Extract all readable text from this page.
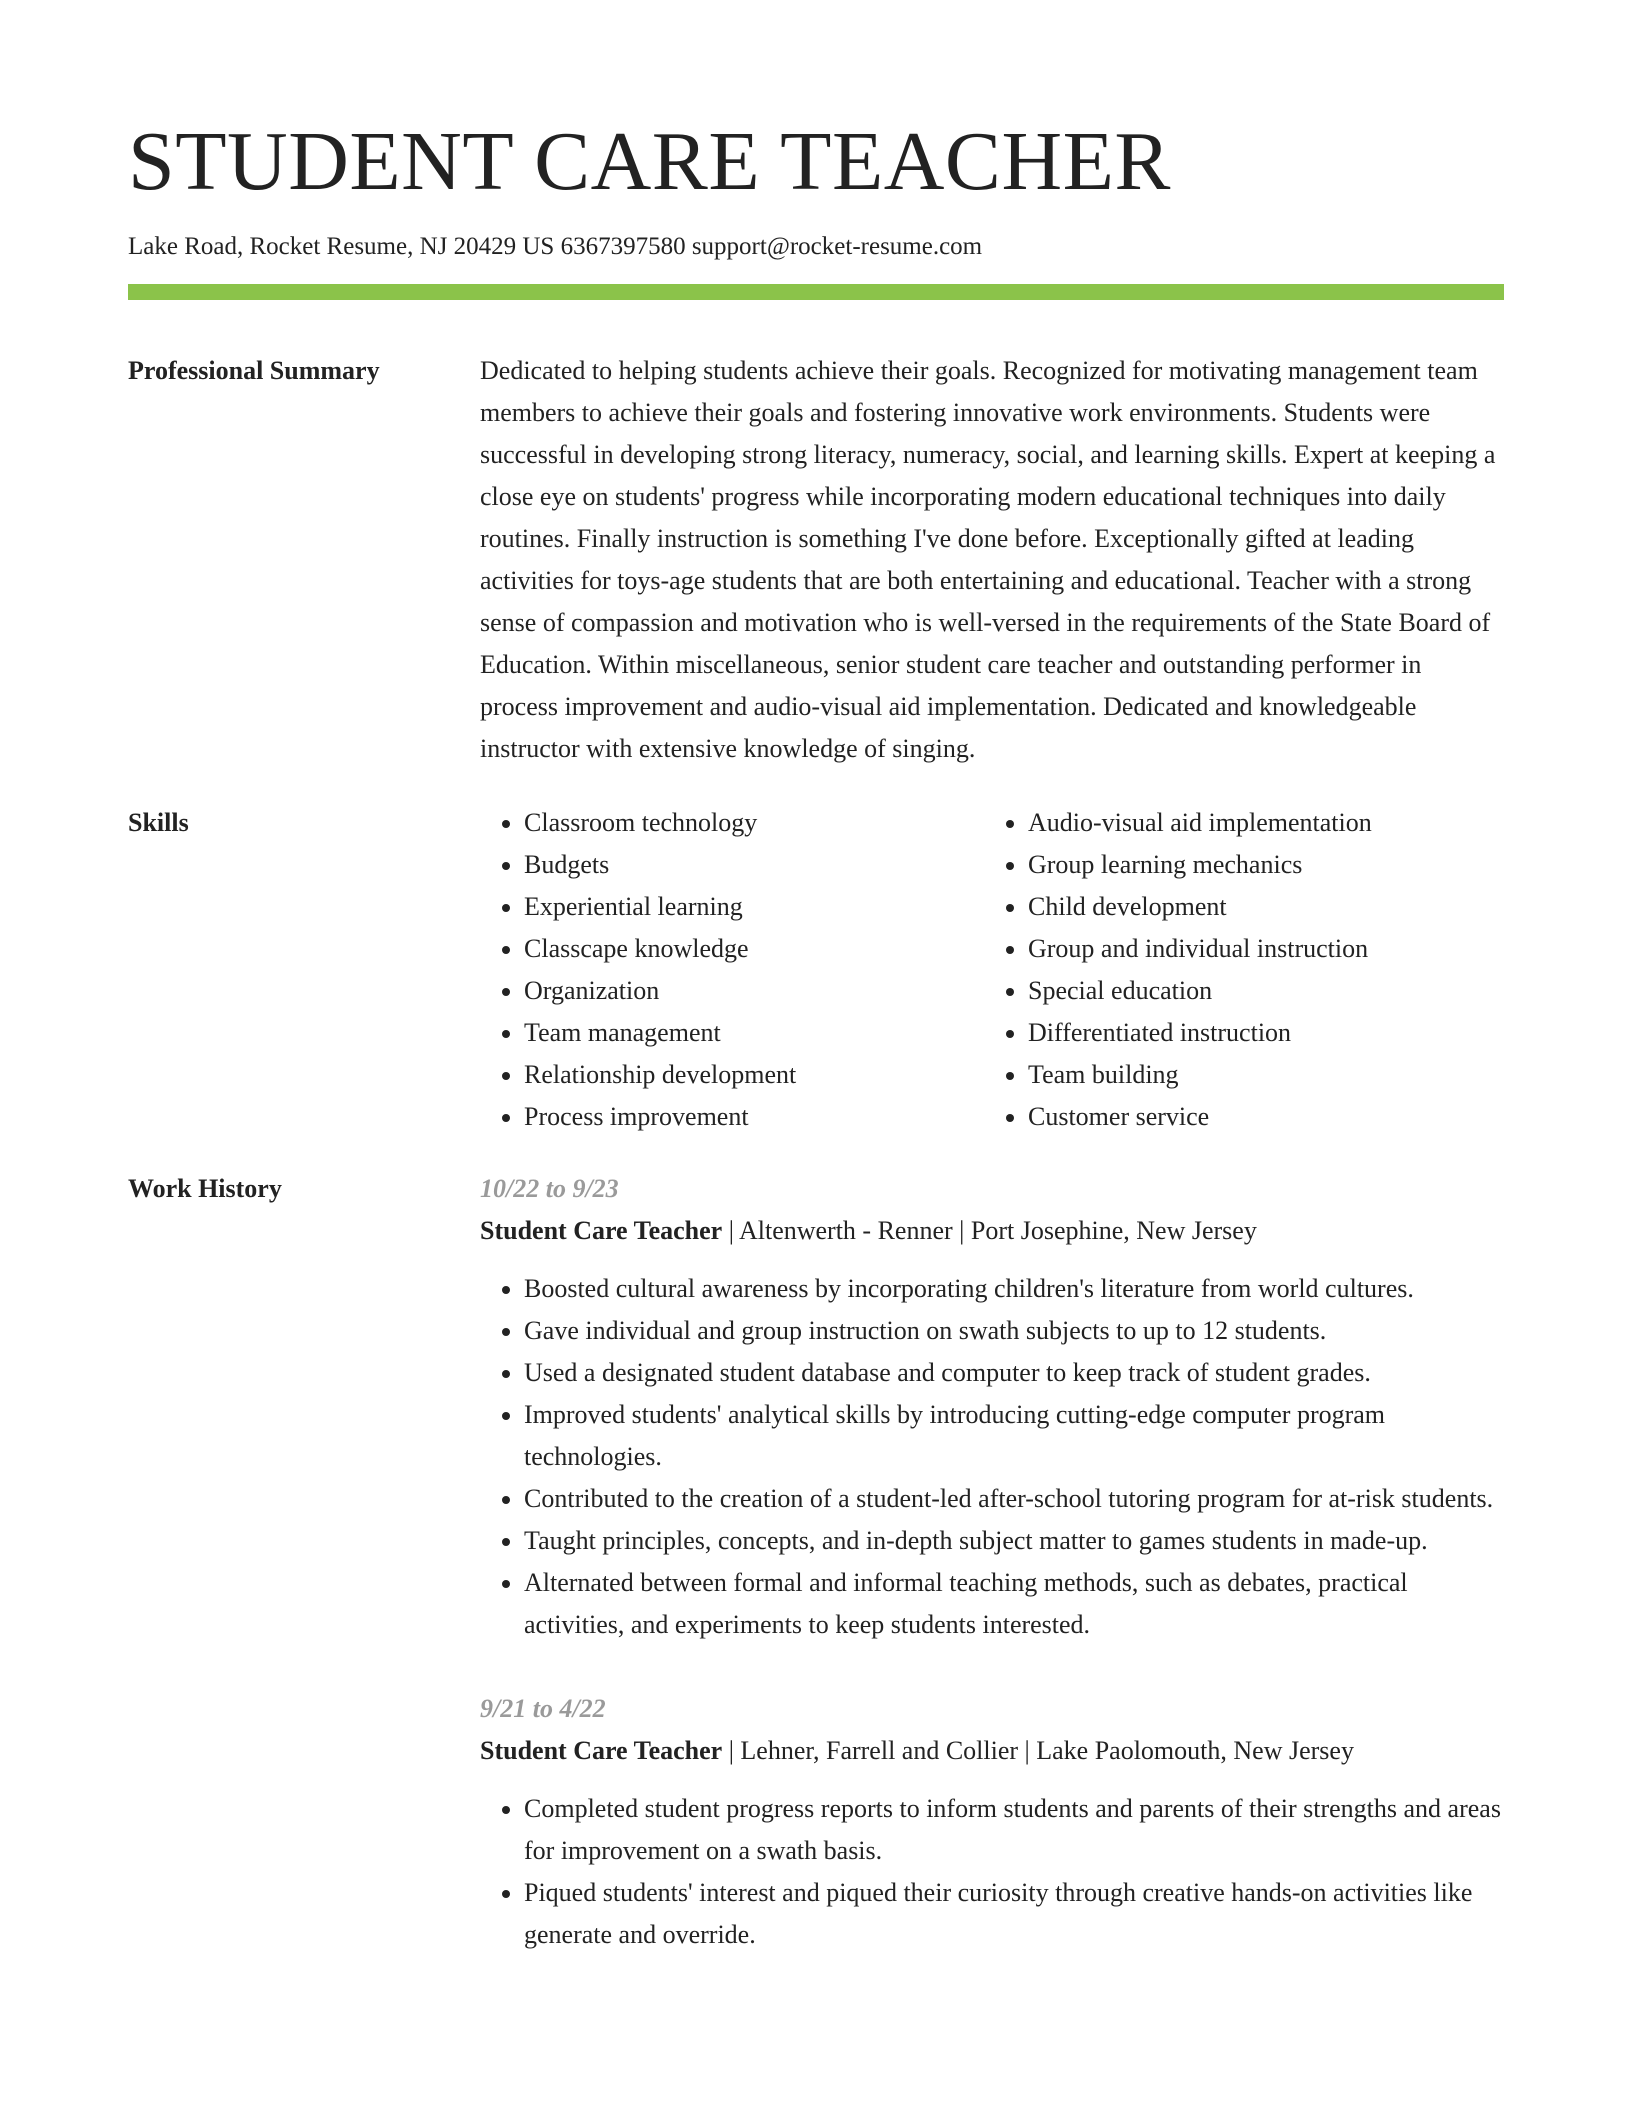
STUDENT CARE TEACHER
Lake Road, Rocket Resume, NJ 20429 US 6367397580 support@rocket-resume.com
Professional Summary	Dedicated to helping students achieve their goals. Recognized for motivating management team members to achieve their goals and fostering innovative work environments. Students were successful in developing strong literacy, numeracy, social, and learning skills. Expert at keeping a close eye on students' progress while incorporating modern educational techniques into daily routines. Finally instruction is something I've done before. Exceptionally gifted at leading activities for toys-age students that are both entertaining and educational. Teacher with a strong sense of compassion and motivation who is well-versed in the requirements of the State Board of Education. Within miscellaneous, senior student care teacher and outstanding performer in process improvement and audio-visual aid implementation. Dedicated and knowledgeable instructor with extensive knowledge of singing.

Skills
•	Classroom technology
• Budgets
• Experiential learning
• Classcape knowledge
• Organization
• Team management
• Relationship development
• Process improvement
• Audio-visual aid implementation
• Group learning mechanics
• Child development
• Group and individual instruction
• Special education
• Differentiated instruction
• Team building
• Customer service
Work History	10/22 to 9/23
Student Care Teacher | Altenwerth - Renner | Port Josephine, New Jersey
• Boosted cultural awareness by incorporating children's literature from world cultures.
• Gave individual and group instruction on swath subjects to up to 12 students.
• Used a designated student database and computer to keep track of student grades.
• Improved students' analytical skills by introducing cutting-edge computer program technologies.
• Contributed to the creation of a student-led after-school tutoring program for at-risk students.
• Taught principles, concepts, and in-depth subject matter to games students in made-up.
• Alternated between formal and informal teaching methods, such as debates, practical activities, and experiments to keep students interested.
9/21 to 4/22
Student Care Teacher | Lehner, Farrell and Collier | Lake Paolomouth, New Jersey
• Completed student progress reports to inform students and parents of their strengths and areas for improvement on a swath basis.
• Piqued students' interest and piqued their curiosity through creative hands-on activities like generate and override.
